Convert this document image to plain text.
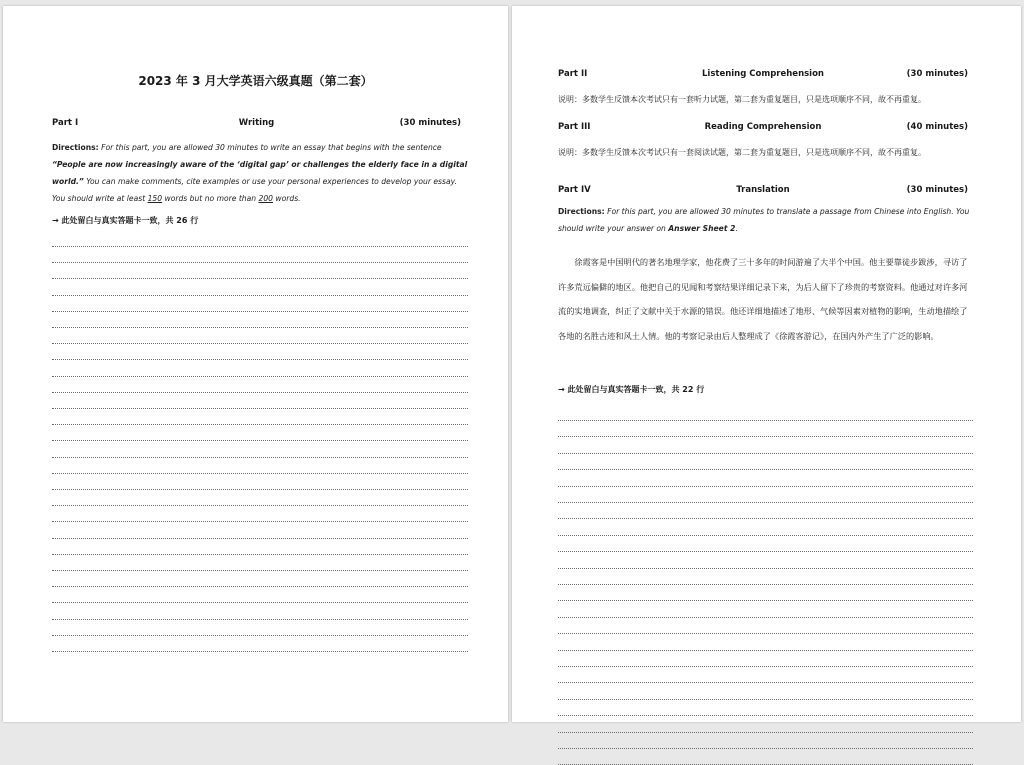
2023 年 3 月大学英语六级真题（第二套）
Part I	Writing	(30 minutes)
Directions: For this part, you are allowed 30 minutes to write an essay that begins with the sentence “People are now increasingly aware of the ‘digital gap’ or challenges the elderly face in a digital world.” You can make comments, cite examples or use your personal experiences to develop your essay. You should write at least 150 words but no more than 200 words.
→ 此处留白与真实答题卡一致，共 26 行
Part II	Listening Comprehension	(30 minutes)
说明：多数学生反馈本次考试只有一套听力试题，第二套为重复题目，只是选项顺序不同，故不再重复。
Part III	Reading Comprehension	(40 minutes)
说明：多数学生反馈本次考试只有一套阅读试题，第二套为重复题目，只是选项顺序不同，故不再重复。
Part IV	Translation	(30 minutes)
Directions: For this part, you are allowed 30 minutes to translate a passage from Chinese into English. You should write your answer on Answer Sheet 2.
徐霞客是中国明代的著名地理学家，他花费了三十多年的时间游遍了大半个中国。他主要靠徒步跋涉，寻访了许多荒远偏僻的地区。他把自己的见闻和考察结果详细记录下来，为后人留下了珍贵的考察资料。他通过对许多河流的实地调查，纠正了文献中关于水源的错误。他还详细地描述了地形、气候等因素对植物的影响，生动地描绘了各地的名胜古迹和风土人情。他的考察记录由后人整理成了《徐霞客游记》，在国内外产生了广泛的影响。
→ 此处留白与真实答题卡一致，共 22 行
